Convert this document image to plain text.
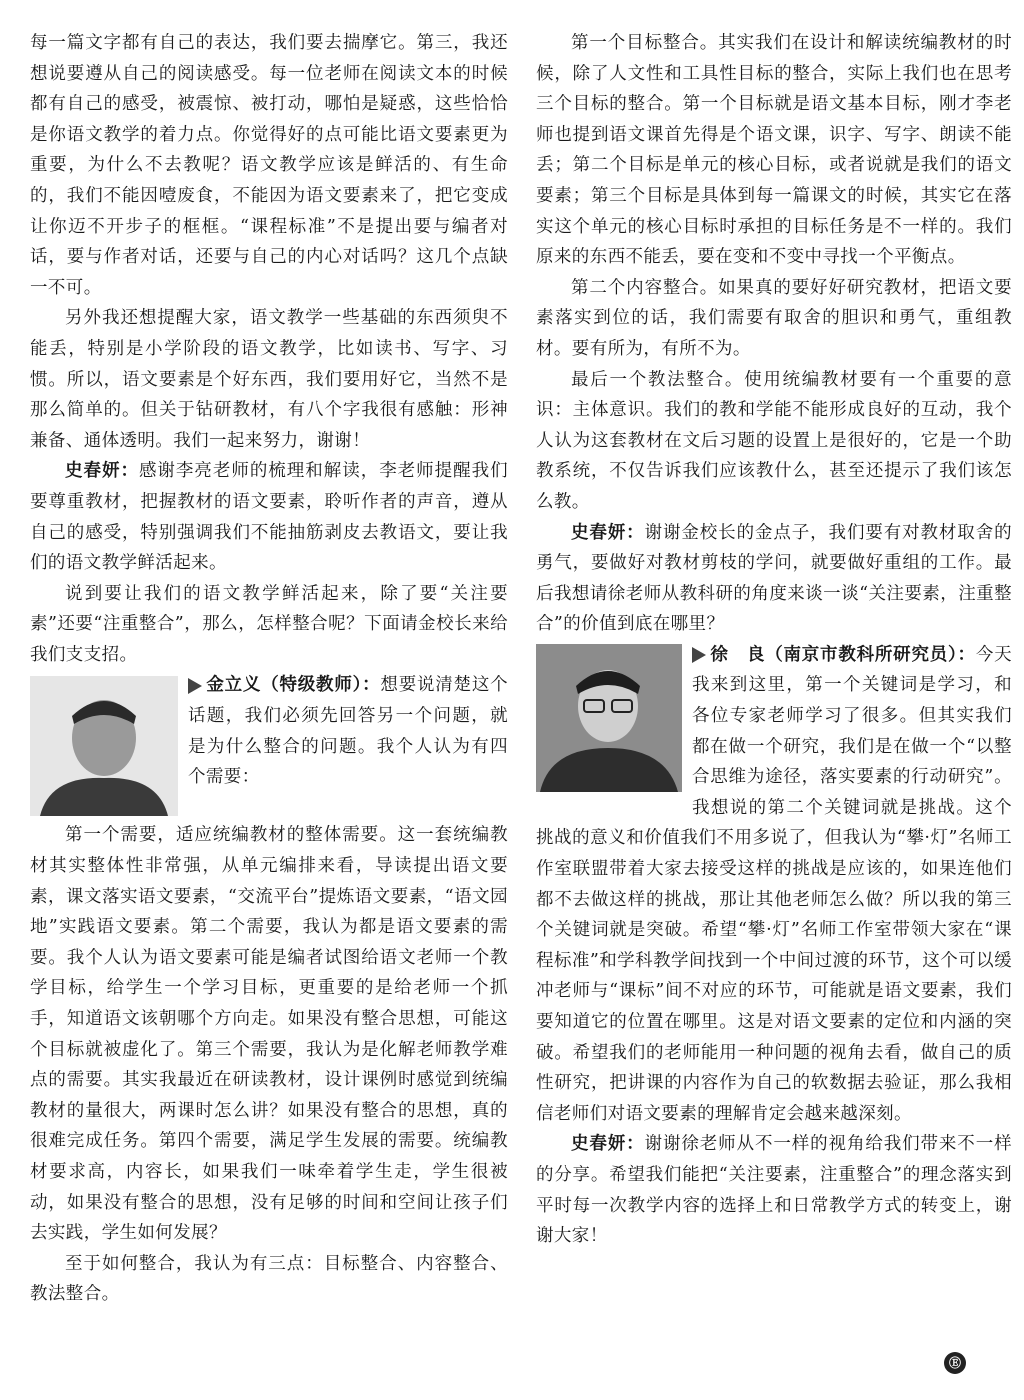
每一篇文字都有自己的表达，我们要去揣摩它。第三，我还想说要遵从自己的阅读感受。每一位老师在阅读文本的时候都有自己的感受，被震惊、被打动，哪怕是疑惑，这些恰恰是你语文教学的着力点。你觉得好的点可能比语文要素更为重要，为什么不去教呢？语文教学应该是鲜活的、有生命的，我们不能因噎废食，不能因为语文要素来了，把它变成让你迈不开步子的框框。“课程标准”不是提出要与编者对话，要与作者对话，还要与自己的内心对话吗？这几个点缺一不可。

另外我还想提醒大家，语文教学一些基础的东西须臾不能丢，特别是小学阶段的语文教学，比如读书、写字、习惯。所以，语文要素是个好东西，我们要用好它，当然不是那么简单的。但关于钻研教材，有八个字我很有感触：形神兼备、通体透明。我们一起来努力，谢谢！

史春妍：感谢李亮老师的梳理和解读，李老师提醒我们要尊重教材，把握教材的语文要素，聆听作者的声音，遵从自己的感受，特别强调我们不能抽筋剥皮去教语文，要让我们的语文教学鲜活起来。

说到要让我们的语文教学鲜活起来，除了要“关注要素”还要“注重整合”，那么，怎样整合呢？下面请金校长来给我们支支招。

金立义（特级教师）：想要说清楚这个话题，我们必须先回答另一个问题，就是为什么整合的问题。我个人认为有四个需要：

第一个需要，适应统编教材的整体需要。这一套统编教材其实整体性非常强，从单元编排来看，导读提出语文要素，课文落实语文要素，“交流平台”提炼语文要素，“语文园地”实践语文要素。第二个需要，我认为都是语文要素的需要。我个人认为语文要素可能是编者试图给语文老师一个教学目标，给学生一个学习目标，更重要的是给老师一个抓手，知道语文该朝哪个方向走。如果没有整合思想，可能这个目标就被虚化了。第三个需要，我认为是化解老师教学难点的需要。其实我最近在研读教材，设计课例时感觉到统编教材的量很大，两课时怎么讲？如果没有整合的思想，真的很难完成任务。第四个需要，满足学生发展的需要。统编教材要求高，内容长，如果我们一味牵着学生走，学生很被动，如果没有整合的思想，没有足够的时间和空间让孩子们去实践，学生如何发展？

至于如何整合，我认为有三点：目标整合、内容整合、教法整合。

第一个目标整合。其实我们在设计和解读统编教材的时候，除了人文性和工具性目标的整合，实际上我们也在思考三个目标的整合。第一个目标就是语文基本目标，刚才李老师也提到语文课首先得是个语文课，识字、写字、朗读不能丢；第二个目标是单元的核心目标，或者说就是我们的语文要素；第三个目标是具体到每一篇课文的时候，其实它在落实这个单元的核心目标时承担的目标任务是不一样的。我们原来的东西不能丢，要在变和不变中寻找一个平衡点。

第二个内容整合。如果真的要好好研究教材，把语文要素落实到位的话，我们需要有取舍的胆识和勇气，重组教材。要有所为，有所不为。

最后一个教法整合。使用统编教材要有一个重要的意识：主体意识。我们的教和学能不能形成良好的互动，我个人认为这套教材在文后习题的设置上是很好的，它是一个助教系统，不仅告诉我们应该教什么，甚至还提示了我们该怎么教。

史春妍：谢谢金校长的金点子，我们要有对教材取舍的勇气，要做好对教材剪枝的学问，就要做好重组的工作。最后我想请徐老师从教科研的角度来谈一谈“关注要素，注重整合”的价值到底在哪里？

徐　良（南京市教科所研究员）：今天我来到这里，第一个关键词是学习，和各位专家老师学习了很多。但其实我们都在做一个研究，我们是在做一个“以整合思维为途径，落实要素的行动研究”。我想说的第二个关键词就是挑战。这个挑战的意义和价值我们不用多说了，但我认为“攀·灯”名师工作室联盟带着大家去接受这样的挑战是应该的，如果连他们都不去做这样的挑战，那让其他老师怎么做？所以我的第三个关键词就是突破。希望“攀·灯”名师工作室带领大家在“课程标准”和学科教学间找到一个中间过渡的环节，这个可以缓冲老师与“课标”间不对应的环节，可能就是语文要素，我们要知道它的位置在哪里。这是对语文要素的定位和内涵的突破。希望我们的老师能用一种问题的视角去看，做自己的质性研究，把讲课的内容作为自己的软数据去验证，那么我相信老师们对语文要素的理解肯定会越来越深刻。

史春妍：谢谢徐老师从不一样的视角给我们带来不一样的分享。希望我们能把“关注要素，注重整合”的理念落实到平时每一次教学内容的选择上和日常教学方式的转变上，谢谢大家！

Ⓔ
